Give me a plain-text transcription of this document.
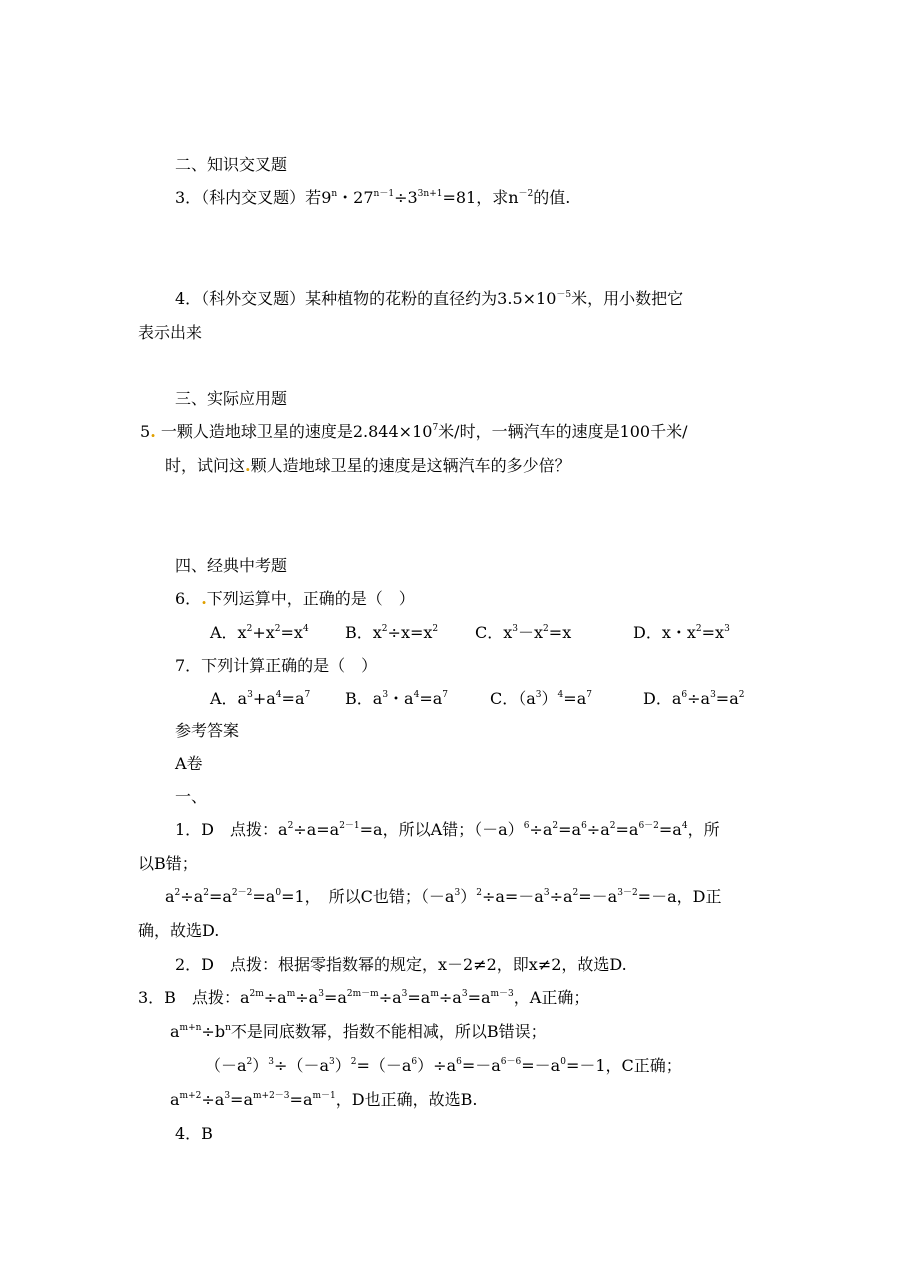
二、知识交叉题
3．（科内交叉题）若9$^n$・$27^{n-1}\div 3^{3n+1}=81$，求$n^{-2}$的值.
4．（科外交叉题）某种植物的花粉的直径约为$3.5\times 10^{-5}$米，用小数把它
表示出来
三、实际应用题
5. 一颗人造地球卫星的速度是$2.844\times 10^7$米/时，一辆汽车的速度是100千米/
时，试问这.颗人造地球卫星的速度是这辆汽车的多少倍？
四、经典中考题
6．.下列运算中，正确的是（　）
A．$x^2+x^2=x^4$ B．$x^2\div x=x^2$ C．$x^3-x^2=x$	D．x・$x^2=x^3$
7．下列计算正确的是（　）
A．$a^3+a^4=a^7$ B．$a^3$・$a^4=a^7$	C．$(a^3)^4=a^7$	D．$a^6\div a^3=a^2$
参考答案
A卷
一、
1．D　点拨：$a^2\div a=a^{2-1}=a$，所以A错；$(-a)^6\div a^2=a^6\div a^2=a^{6-2}=a^4$，所
以B错；
$a^2\div a^2=a^{2-2}=a^0=1$，　所以C也错；$(-a^3)^2\div a=-a^3\div a^2=-a^{3-2}=-a$，D正
确，故选D.
2．D　点拨：根据零指数幂的规定，x－2≠2，即x≠2，故选D.
3．B　点拨：$a^{2m}\div a^m\div a^3=a^{2m-m}\div a^3=a^m\div a^3=a^{m-3}$，A正确；
$a^{m+n}\div b^n$不是同底数幂，指数不能相减，所以B错误；
$(-a^2)^3\div(-a^3)^2=(-a^6)\div a^6=-a^{6-6}=-a^0=-1$，C正确；
$a^{m+2}\div a^3=a^{m+2-3}=a^{m-1}$，D也正确，故选B.
4．B
